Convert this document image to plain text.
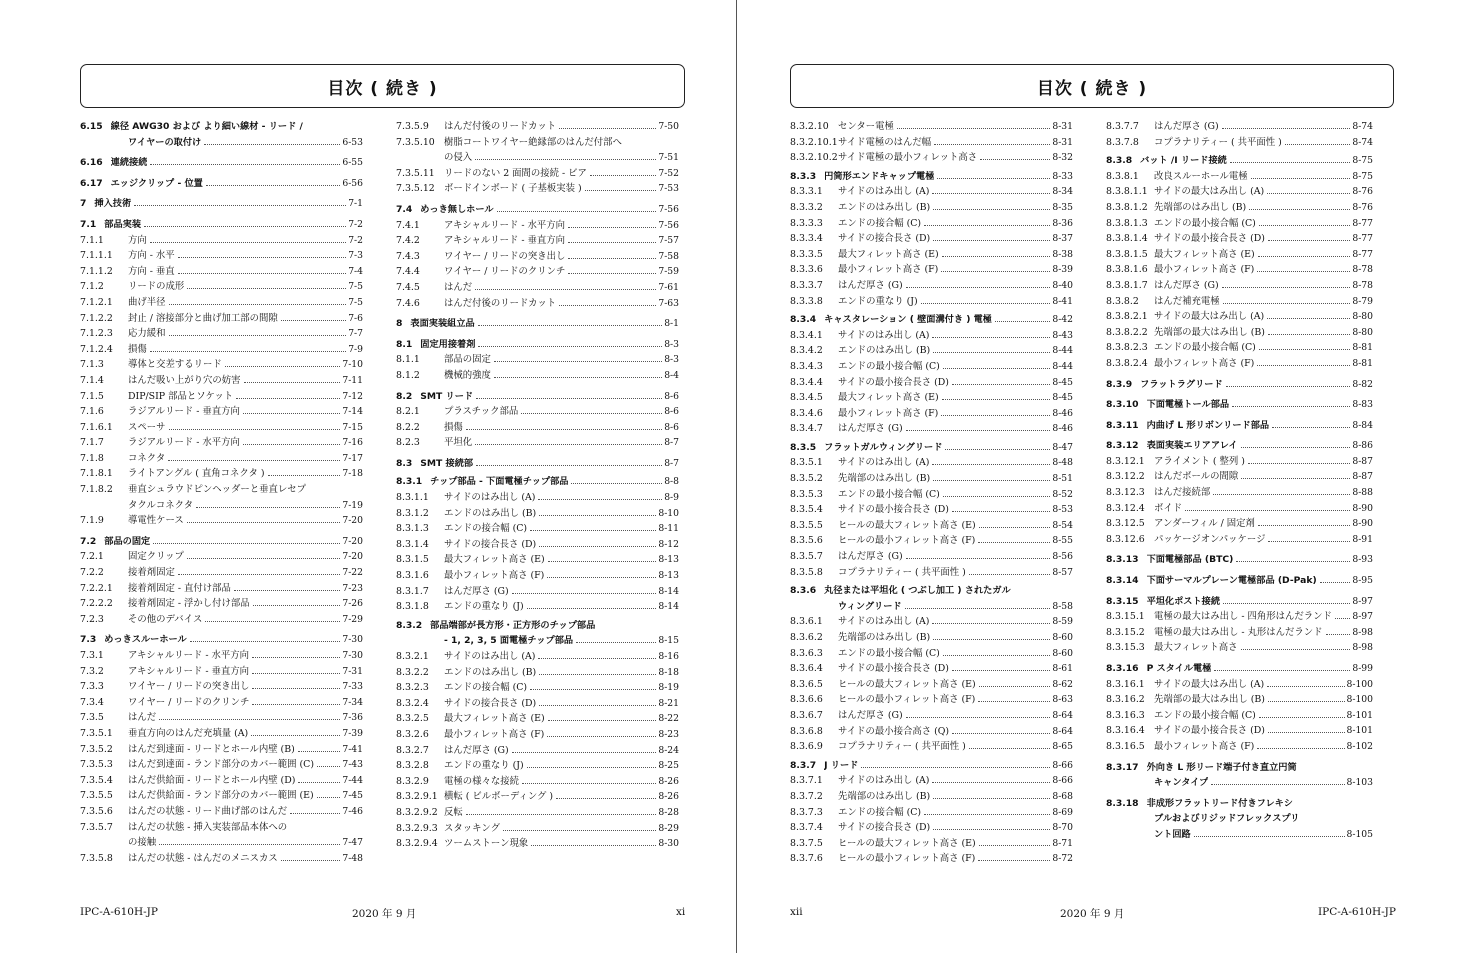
目次 ( 続き )
6.15 線径 AWG30 および より細い線材 - リード /
ワイヤーの取付け	6-53
6.16 連続接続	6-55
6.17 エッジクリップ - 位置	6-56
7 挿入技術	7-1
7.1 部品実装	7-2
7.1.1	方向	7-2
7.1.1.1	方向 - 水平	7-3
7.1.1.2	方向 - 垂直	7-4
7.1.2	リードの成形	7-5
7.1.2.1	曲げ半径	7-5
7.1.2.2	封止 / 溶接部分と曲げ加工部の間隙	7-6
7.1.2.3	応力緩和	7-7
7.1.2.4	損傷	7-9
7.1.3	導体と交差するリード	7-10
7.1.4	はんだ吸い上がり穴の妨害	7-11
7.1.5	DIP/SIP 部品とソケット	7-12
7.1.6	ラジアルリード - 垂直方向	7-14
7.1.6.1	スペーサ	7-15
7.1.7	ラジアルリード - 水平方向	7-16
7.1.8	コネクタ	7-17
7.1.8.1	ライトアングル ( 直角コネクタ )	7-18
7.1.8.2	垂直シュラウドピンヘッダーと垂直レセプ
タクルコネクタ	7-19
7.1.9	導電性ケース	7-20
7.2 部品の固定	7-20
7.2.1	固定クリップ	7-20
7.2.2	接着剤固定	7-22
7.2.2.1	接着剤固定 - 直付け部品	7-23
7.2.2.2	接着剤固定 - 浮かし付け部品	7-26
7.2.3	その他のデバイス	7-29
7.3 めっきスルーホール	7-30
7.3.1	アキシャルリード - 水平方向	7-30
7.3.2	アキシャルリード - 垂直方向	7-31
7.3.3	ワイヤー / リードの突き出し	7-33
7.3.4	ワイヤー / リードのクリンチ	7-34
7.3.5	はんだ	7-36
7.3.5.1	垂直方向のはんだ充填量 (A)	7-39
7.3.5.2	はんだ到達面 - リードとホール内壁 (B)	7-41
7.3.5.3	はんだ到達面 - ランド部分のカバー範囲 (C)	7-43
7.3.5.4	はんだ供給面 - リードとホール内壁 (D)	7-44
7.3.5.5	はんだ供給面 - ランド部分のカバー範囲 (E)	7-45
7.3.5.6	はんだの状態 - リード曲げ部のはんだ	7-46
7.3.5.7	はんだの状態 - 挿入実装部品本体への
の接触	7-47
7.3.5.8	はんだの状態 - はんだのメニスカス	7-48
7.3.5.9	はんだ付後のリードカット	7-50
7.3.5.10 樹脂コートワイヤー絶縁部のはんだ付部へ
の侵入	7-51
7.3.5.11 リードのない 2 面間の接続 - ビア	7-52
7.3.5.12 ボードインボード ( 子基板実装 )	7-53
7.4 めっき無しホール	7-56
7.4.1	アキシャルリード - 水平方向	7-56
7.4.2	アキシャルリード - 垂直方向	7-57
7.4.3	ワイヤー / リードの突き出し	7-58
7.4.4	ワイヤー / リードのクリンチ	7-59
7.4.5	はんだ	7-61
7.4.6	はんだ付後のリードカット	7-63
8 表面実装組立品	8-1
8.1 固定用接着剤	8-3
8.1.1	部品の固定	8-3
8.1.2	機械的強度	8-4
8.2 SMT リード	8-6
8.2.1	プラスチック部品	8-6
8.2.2	損傷	8-6
8.2.3	平坦化	8-7
8.3 SMT 接続部	8-7
8.3.1 チップ部品 - 下面電極チップ部品	8-8
8.3.1.1	サイドのはみ出し (A)	8-9
8.3.1.2	エンドのはみ出し (B)	8-10
8.3.1.3	エンドの接合幅 (C)	8-11
8.3.1.4	サイドの接合長さ (D)	8-12
8.3.1.5	最大フィレット高さ (E)	8-13
8.3.1.6	最小フィレット高さ (F)	8-13
8.3.1.7	はんだ厚さ (G)	8-14
8.3.1.8	エンドの重なり (J)	8-14
8.3.2 部品端部が長方形・正方形のチップ部品
- 1, 2, 3, 5 面電極チップ部品	8-15
8.3.2.1	サイドのはみ出し (A)	8-16
8.3.2.2	エンドのはみ出し (B)	8-18
8.3.2.3	エンドの接合幅 (C)	8-19
8.3.2.4	サイドの接合長さ (D)	8-21
8.3.2.5	最大フィレット高さ (E)	8-22
8.3.2.6	最小フィレット高さ (F)	8-23
8.3.2.7	はんだ厚さ (G)	8-24
8.3.2.8	エンドの重なり (J)	8-25
8.3.2.9	電極の様々な接続	8-26
8.3.2.9.1 横転 ( ビルボーディング )	8-26
8.3.2.9.2 反転	8-28
8.3.2.9.3 スタッキング	8-29
8.3.2.9.4 ツームストーン現象	8-30
IPC-A-610H-JP	2020 年 9 月	xi
目次 ( 続き )
8.3.2.10 センター電極	8-31
8.3.2.10.1 サイド電極のはんだ幅	8-31
8.3.2.10.2 サイド電極の最小フィレット高さ	8-32
8.3.3 円筒形エンドキャップ電極	8-33
8.3.3.1	サイドのはみ出し (A)	8-34
8.3.3.2	エンドのはみ出し (B)	8-35
8.3.3.3	エンドの接合幅 (C)	8-36
8.3.3.4	サイドの接合長さ (D)	8-37
8.3.3.5	最大フィレット高さ (E)	8-38
8.3.3.6	最小フィレット高さ (F)	8-39
8.3.3.7	はんだ厚さ (G)	8-40
8.3.3.8	エンドの重なり (J)	8-41
8.3.4 キャスタレーション ( 壁面溝付き ) 電極	8-42
8.3.4.1	サイドのはみ出し (A)	8-43
8.3.4.2	エンドのはみ出し (B)	8-44
8.3.4.3	エンドの最小接合幅 (C)	8-44
8.3.4.4	サイドの最小接合長さ (D)	8-45
8.3.4.5	最大フィレット高さ (E)	8-45
8.3.4.6	最小フィレット高さ (F)	8-46
8.3.4.7	はんだ厚さ (G)	8-46
8.3.5 フラットガルウィングリード	8-47
8.3.5.1	サイドのはみ出し (A)	8-48
8.3.5.2	先端部のはみ出し (B)	8-51
8.3.5.3	エンドの最小接合幅 (C)	8-52
8.3.5.4	サイドの最小接合長さ (D)	8-53
8.3.5.5	ヒールの最大フィレット高さ (E)	8-54
8.3.5.6	ヒールの最小フィレット高さ (F)	8-55
8.3.5.7	はんだ厚さ (G)	8-56
8.3.5.8	コプラナリティー ( 共平面性 )	8-57
8.3.6 丸径または平坦化 ( つぶし加工 ) されたガル
ウィングリード	8-58
8.3.6.1	サイドのはみ出し (A)	8-59
8.3.6.2	先端部のはみ出し (B)	8-60
8.3.6.3	エンドの最小接合幅 (C)	8-60
8.3.6.4	サイドの最小接合長さ (D)	8-61
8.3.6.5	ヒールの最大フィレット高さ (E)	8-62
8.3.6.6	ヒールの最小フィレット高さ (F)	8-63
8.3.6.7	はんだ厚さ (G)	8-64
8.3.6.8	サイドの最小接合高さ (Q)	8-64
8.3.6.9	コプラナリティー ( 共平面性 )	8-65
8.3.7 J リード	8-66
8.3.7.1	サイドのはみ出し (A)	8-66
8.3.7.2	先端部のはみ出し (B)	8-68
8.3.7.3	エンドの接合幅 (C)	8-69
8.3.7.4	サイドの接合長さ (D)	8-70
8.3.7.5	ヒールの最大フィレット高さ (E)	8-71
8.3.7.6	ヒールの最小フィレット高さ (F)	8-72
8.3.7.7	はんだ厚さ (G)	8-74
8.3.7.8	コプラナリティー ( 共平面性 )	8-74
8.3.8 バット /I リード接続	8-75
8.3.8.1	改良スルーホール電極	8-75
8.3.8.1.1 サイドの最大はみ出し (A)	8-76
8.3.8.1.2 先端部のはみ出し (B)	8-76
8.3.8.1.3 エンドの最小接合幅 (C)	8-77
8.3.8.1.4 サイドの最小接合長さ (D)	8-77
8.3.8.1.5 最大フィレット高さ (E)	8-77
8.3.8.1.6 最小フィレット高さ (F)	8-78
8.3.8.1.7 はんだ厚さ (G)	8-78
8.3.8.2	はんだ補充電極	8-79
8.3.8.2.1 サイドの最大はみ出し (A)	8-80
8.3.8.2.2 先端部の最大はみ出し (B)	8-80
8.3.8.2.3 エンドの最小接合幅 (C)	8-81
8.3.8.2.4 最小フィレット高さ (F)	8-81
8.3.9 フラットラグリード	8-82
8.3.10 下面電極トール部品	8-83
8.3.11 内曲げ L 形リボンリード部品	8-84
8.3.12 表面実装エリアアレイ	8-86
8.3.12.1 アライメント ( 整列 )	8-87
8.3.12.2 はんだボールの間隙	8-87
8.3.12.3 はんだ接続部	8-88
8.3.12.4 ボイド	8-90
8.3.12.5 アンダーフィル / 固定剤	8-90
8.3.12.6 パッケージオンパッケージ	8-91
8.3.13 下面電極部品 (BTC)	8-93
8.3.14 下面サーマルプレーン電極部品 (D-Pak)	8-95
8.3.15 平坦化ポスト接続	8-97
8.3.15.1 電極の最大はみ出し - 四角形はんだランド 8-97
8.3.15.2 電極の最大はみ出し - 丸形はんだランド	8-98
8.3.15.3 最大フィレット高さ	8-98
8.3.16 P スタイル電極	8-99
8.3.16.1 サイドの最大はみ出し (A)	8-100
8.3.16.2 先端部の最大はみ出し (B)	8-100
8.3.16.3 エンドの最小接合幅 (C)	8-101
8.3.16.4 サイドの最小接合長さ (D)	8-101
8.3.16.5 最小フィレット高さ (F)	8-102
8.3.17 外向き L 形リード端子付き直立円筒
キャンタイプ	8-103
8.3.18 非成形フラットリード付きフレキシ
ブルおよびリジッドフレックスプリ
ント回路	8-105
xii	2020 年 9 月	IPC-A-610H-JP
